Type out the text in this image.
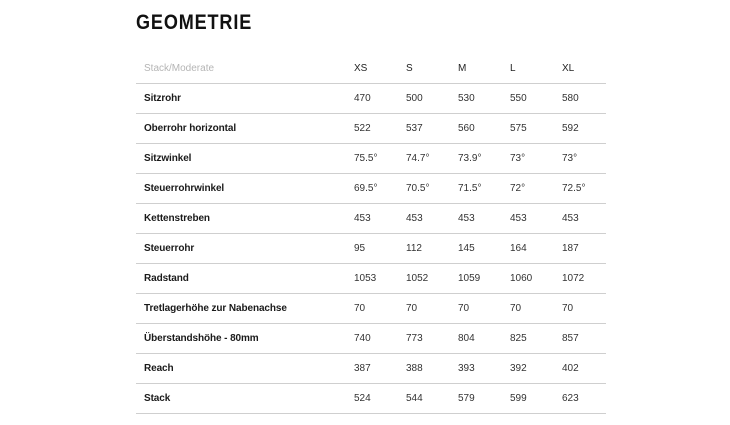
GEOMETRIE
Stack/Moderate	XS	S	M	L	XL
Sitzrohr	470	500	530	550	580
Oberrohr horizontal	522	537	560	575	592
Sitzwinkel	75.5°	74.7°	73.9°	73°	73°
Steuerrohrwinkel	69.5°	70.5°	71.5°	72°	72.5°
Kettenstreben	453	453	453	453	453
Steuerrohr	95	112	145	164	187
Radstand	1053	1052	1059	1060	1072
Tretlagerhöhe zur Nabenachse	70	70	70	70	70
Überstandshöhe - 80mm	740	773	804	825	857
Reach	387	388	393	392	402
Stack	524	544	579	599	623
